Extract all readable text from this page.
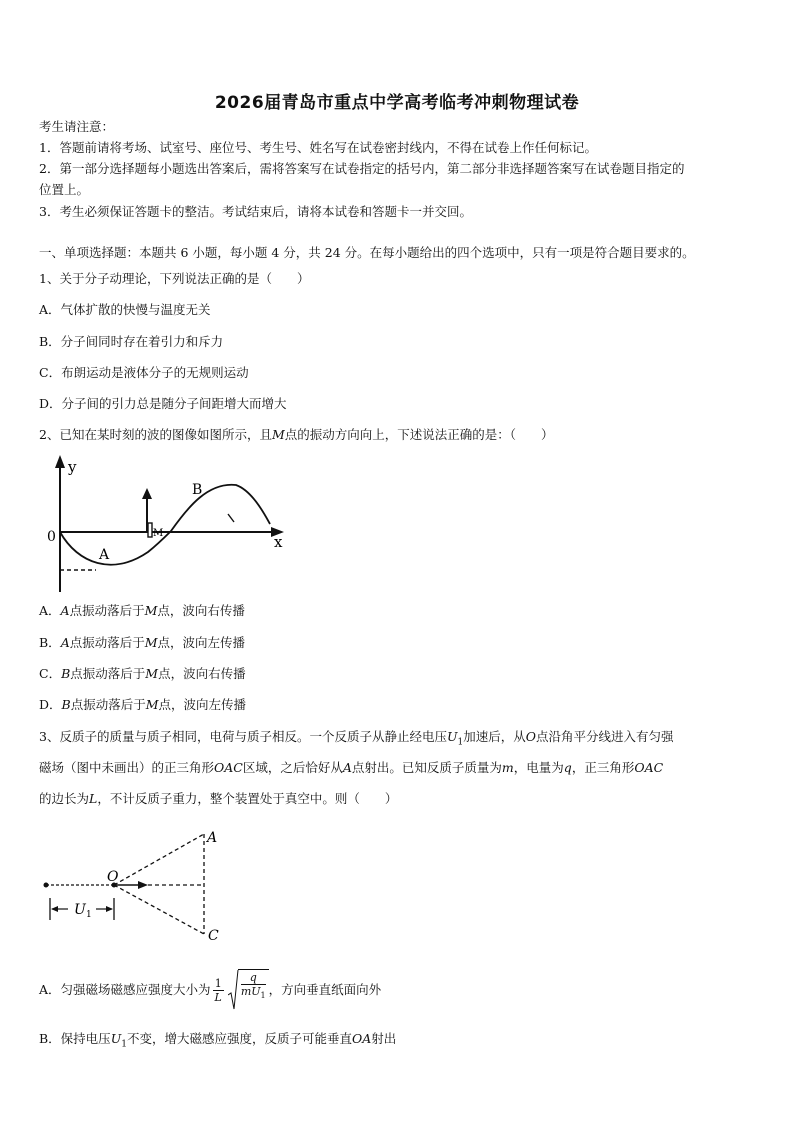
2026届青岛市重点中学高考临考冲刺物理试卷
考生请注意：
1．答题前请将考场、试室号、座位号、考生号、姓名写在试卷密封线内，不得在试卷上作任何标记。
2．第一部分选择题每小题选出答案后，需将答案写在试卷指定的括号内，第二部分非选择题答案写在试卷题目指定的
位置上。
3．考生必须保证答题卡的整洁。考试结束后，请将本试卷和答题卡一并交回。
一、单项选择题：本题共 6 小题，每小题 4 分，共 24 分。在每小题给出的四个选项中，只有一项是符合题目要求的。
1、关于分子动理论，下列说法正确的是（　　）
A．气体扩散的快慢与温度无关
B．分子间同时存在着引力和斥力
C．布朗运动是液体分子的无规则运动
D．分子间的引力总是随分子间距增大而增大
2、已知在某时刻的波的图像如图所示，且M点的振动方向向上，下述说法正确的是：（　　）
y
x
0
A
B
M
A．A点振动落后于M点，波向右传播
B．A点振动落后于M点，波向左传播
C．B点振动落后于M点，波向右传播
D．B点振动落后于M点，波向左传播
3、反质子的质量与质子相同，电荷与质子相反。一个反质子从静止经电压$U_1$加速后，从O点沿角平分线进入有匀强
磁场（图中未画出）的正三角形OAC区域，之后恰好从A点射出。已知反质子质量为m，电量为q，正三角形OAC
的边长为L，不计反质子重力，整个装置处于真空中。则（　　）
A
C
O
U 1
A．匀强磁场磁感应强度大小为 $\frac{1}{L} \frac{q}{mU_1}$ ，方向垂直纸面向外
B．保持电压$U_1$不变，增大磁感应强度，反质子可能垂直OA射出
